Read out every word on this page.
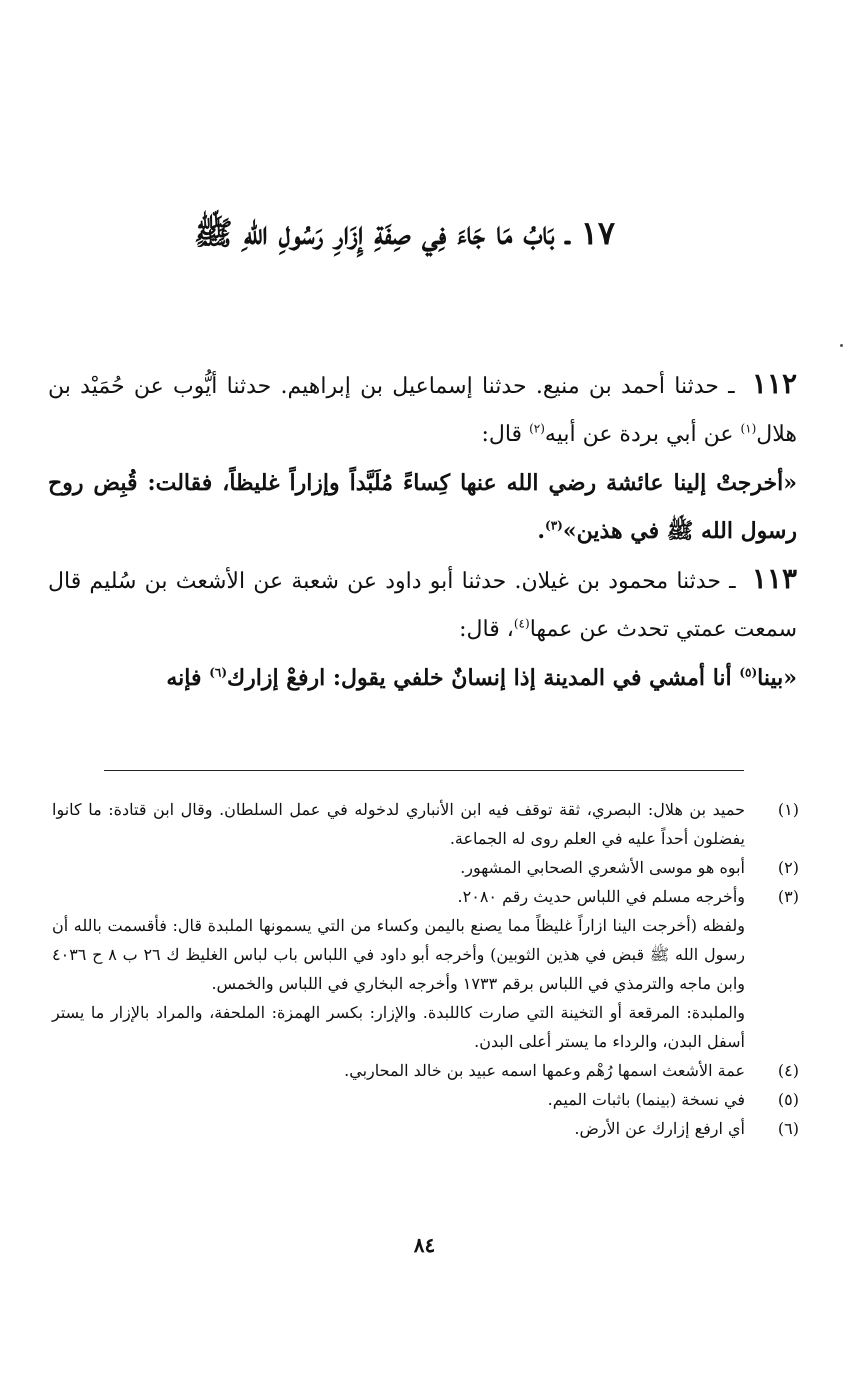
١٧ ـ بَابُ مَا جَاءَ فِي صِفَةِ إِزَارِ رَسُولِ اللهِ ﷺ

١١٢ ـ حدثنا أحمد بن منيع. حدثنا إسماعيل بن إبراهيم. حدثنا أيُّوب عن حُمَيْد بن هلال$^{(١)}$ عن أبي بردة عن أبيه$^{(٢)}$ قال:

«أخرجتْ إلينا عائشة رضي الله عنها كِساءً مُلَبَّداً وإزاراً غليظاً، فقالت: قُبِض روح رسول الله ﷺ في هذين»$^{(٣)}$.

١١٣ ـ حدثنا محمود بن غيلان. حدثنا أبو داود عن شعبة عن الأشعث بن سُليم قال سمعت عمتي تحدث عن عمها$^{(٤)}$، قال:

«بينا$^{(٥)}$ أنا أمشي في المدينة إذا إنسانٌ خلفي يقول: ارفعْ إزارك$^{(٦)}$ فإنه

(١)
حميد بن هلال: البصري، ثقة توقف فيه ابن الأنباري لدخوله في عمل السلطان. وقال ابن قتادة: ما كانوا يفضلون أحداً عليه في العلم روى له الجماعة.
(٢)
أبوه هو موسى الأشعري الصحابي المشهور.
(٣)
وأخرجه مسلم في اللباس حديث رقم ٢٠٨٠.
ولفظه (أخرجت الينا ازاراً غليظاً مما يصنع باليمن وكساء من التي يسمونها الملبدة قال: فأقسمت بالله أن رسول الله ﷺ قبض في هذين الثوبين) وأخرجه أبو داود في اللباس باب لباس الغليظ ك ٢٦ ب ٨ ح ٤٠٣٦ وابن ماجه والترمذي في اللباس برقم ١٧٣٣ وأخرجه البخاري في اللباس والخمس.
والملبدة: المرقعة أو التخينة التي صارت كاللبدة. والإزار: بكسر الهمزة: الملحفة، والمراد بالإزار ما يستر أسفل البدن، والرداء ما يستر أعلى البدن.
(٤)
عمة الأشعث اسمها رُهْم وعمها اسمه عبيد بن خالد المحاربي.
(٥)
في نسخة (بينما) باثبات الميم.
(٦)
أي ارفع إزارك عن الأرض.
٨٤
